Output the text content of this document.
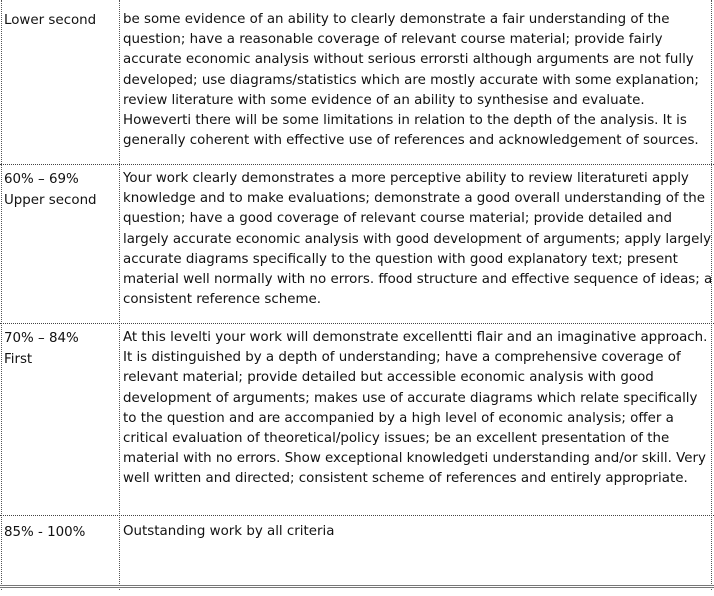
Lower second	be some evidence of an ability to clearly demonstrate a fair understanding of the question; have a reasonable coverage of relevant course material; provide fairly accurate economic analysis without serious errorsti although arguments are not fully developed; use diagrams/statistics which are mostly accurate with some explanation; review literature with some evidence of an ability to synthesise and evaluate. Howeverti there will be some limitations in relation to the depth of the analysis. It is generally coherent with effective use of references and acknowledgement of sources.
60% – 69%
Upper second
Your work clearly demonstrates a more perceptive ability to review literatureti apply knowledge and to make evaluations; demonstrate a good overall understanding of the question; have a good coverage of relevant course material; provide detailed and largely accurate economic analysis with good development of arguments; apply largely accurate diagrams specifically to the question with good explanatory text; present material well normally with no errors. ffood structure and effective sequence of ideas; a consistent reference scheme.
70% – 84%
First
At this levelti your work will demonstrate excellentti flair and an imaginative approach. It is distinguished by a depth of understanding; have a comprehensive coverage of relevant material; provide detailed but accessible economic analysis with good development of arguments; makes use of accurate diagrams which relate specifically to the question and are accompanied by a high level of economic analysis; offer a critical evaluation of theoretical/policy issues; be an excellent presentation of the material with no errors. Show exceptional knowledgeti understanding and/or skill. Very well written and directed; consistent scheme of references and entirely appropriate.
85% - 100%	Outstanding work by all criteria
